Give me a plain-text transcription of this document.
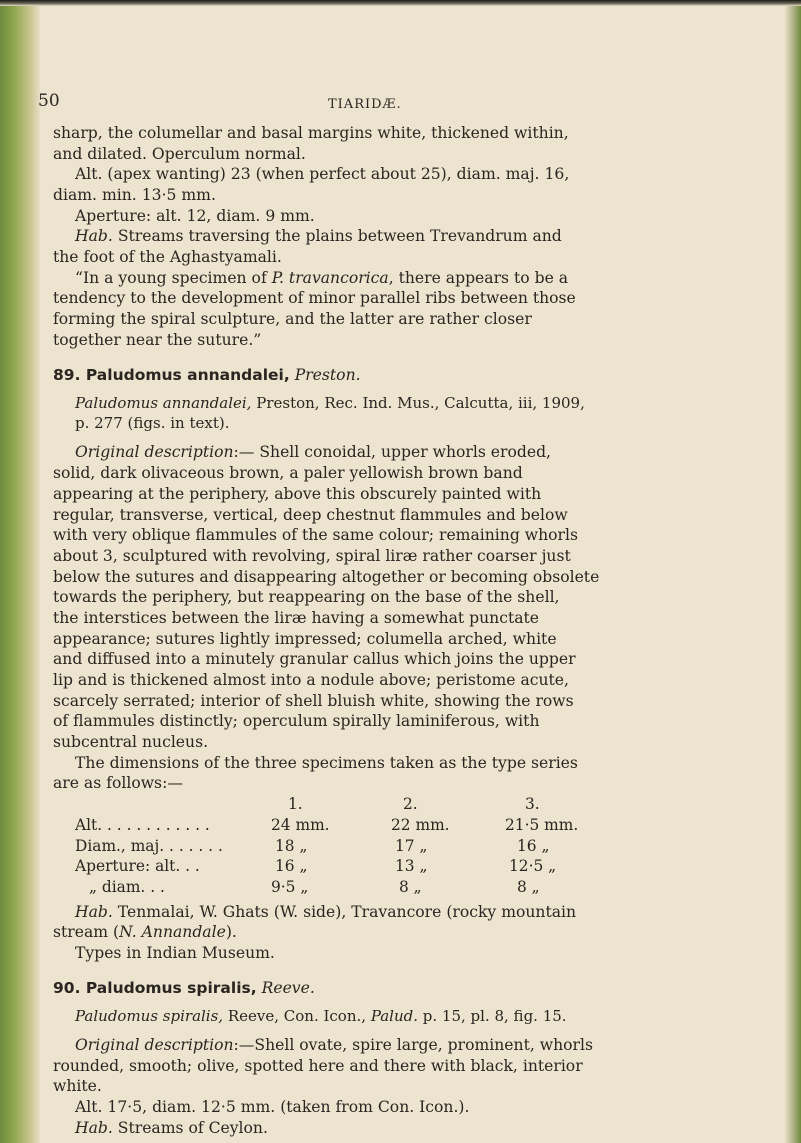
50	TIARIDÆ.
sharp, the columellar and basal margins white, thickened within,
and dilated. Operculum normal.
Alt. (apex wanting) 23 (when perfect about 25), diam. maj. 16,
diam. min. 13·5 mm.
Aperture: alt. 12, diam. 9 mm.
Hab. Streams traversing the plains between Trevandrum and
the foot of the Aghastyamali.
“In a young specimen of P. travancorica, there appears to be a
tendency to the development of minor parallel ribs between those
forming the spiral sculpture, and the latter are rather closer
together near the suture.”
89. Paludomus annandalei, Preston.
Paludomus annandalei, Preston, Rec. Ind. Mus., Calcutta, iii, 1909,
p. 277 (figs. in text).
Original description:— Shell conoidal, upper whorls eroded,
solid, dark olivaceous brown, a paler yellowish brown band
appearing at the periphery, above this obscurely painted with
regular, transverse, vertical, deep chestnut flammules and below
with very oblique flammules of the same colour; remaining whorls
about 3, sculptured with revolving, spiral liræ rather coarser just
below the sutures and disappearing altogether or becoming obsolete
towards the periphery, but reappearing on the base of the shell,
the interstices between the liræ having a somewhat punctate
appearance; sutures lightly impressed; columella arched, white
and diffused into a minutely granular callus which joins the upper
lip and is thickened almost into a nodule above; peristome acute,
scarcely serrated; interior of shell bluish white, showing the rows
of flammules distinctly; operculum spirally laminiferous, with
subcentral nucleus.
The dimensions of the three specimens taken as the type series
are as follows:—
1.	2.	3.
Alt. . . . . . . . . . . .	24 mm.	22 mm.	21·5 mm.
Diam., maj. . . . . . .	18 „	17 „	16 „
Aperture: alt. . .	16 „	13 „	12·5 „
„ diam. . .	9·5 „	8 „	8 „
Hab. Tenmalai, W. Ghats (W. side), Travancore (rocky mountain
stream (N. Annandale).
Types in Indian Museum.
90. Paludomus spiralis, Reeve.
Paludomus spiralis, Reeve, Con. Icon., Palud. p. 15, pl. 8, fig. 15.
Original description:—Shell ovate, spire large, prominent, whorls
rounded, smooth; olive, spotted here and there with black, interior
white.
Alt. 17·5, diam. 12·5 mm. (taken from Con. Icon.).
Hab. Streams of Ceylon.
